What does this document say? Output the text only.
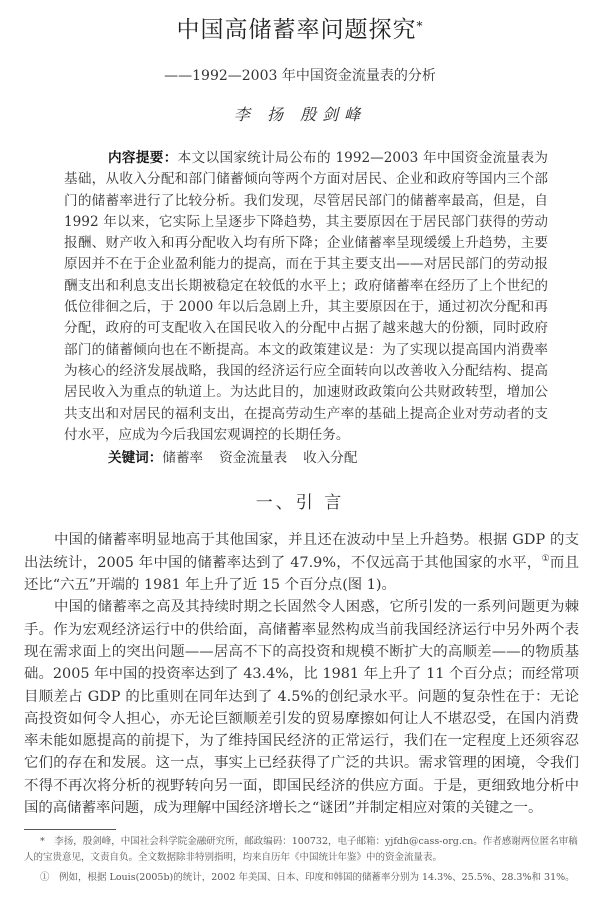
中国高储蓄率问题探究*
——1992—2003 年中国资金流量表的分析
李 扬 殷剑峰
内容提要：本文以国家统计局公布的 1992—2003 年中国资金流量表为基础，从收入分配和部门储蓄倾向等两个方面对居民、企业和政府等国内三个部门的储蓄率进行了比较分析。我们发现，尽管居民部门的储蓄率最高，但是，自 1992 年以来，它实际上呈逐步下降趋势，其主要原因在于居民部门获得的劳动报酬、财产收入和再分配收入均有所下降；企业储蓄率呈现缓缓上升趋势，主要原因并不在于企业盈利能力的提高，而在于其主要支出——对居民部门的劳动报酬支出和利息支出长期被稳定在较低的水平上；政府储蓄率在经历了上个世纪的低位徘徊之后，于 2000 年以后急剧上升，其主要原因在于，通过初次分配和再分配，政府的可支配收入在国民收入的分配中占据了越来越大的份额，同时政府部门的储蓄倾向也在不断提高。本文的政策建议是：为了实现以提高国内消费率为核心的经济发展战略，我国的经济运行应全面转向以改善收入分配结构、提高居民收入为重点的轨道上。为达此目的，加速财政政策向公共财政转型，增加公共支出和对居民的福利支出，在提高劳动生产率的基础上提高企业对劳动者的支付水平，应成为今后我国宏观调控的长期任务。
关键词：储蓄率 资金流量表 收入分配
一、引 言

中国的储蓄率明显地高于其他国家，并且还在波动中呈上升趋势。根据 GDP 的支出法统计，2005 年中国的储蓄率达到了 47.9%，不仅远高于其他国家的水平，①而且还比“六五”开端的 1981 年上升了近 15 个百分点(图 1)。

中国的储蓄率之高及其持续时期之长固然令人困惑，它所引发的一系列问题更为棘手。作为宏观经济运行中的供给面，高储蓄率显然构成当前我国经济运行中另外两个表现在需求面上的突出问题——居高不下的高投资和规模不断扩大的高顺差——的物质基础。2005 年中国的投资率达到了 43.4%，比 1981 年上升了 11 个百分点；而经常项目顺差占 GDP 的比重则在同年达到了 4.5%的创纪录水平。问题的复杂性在于：无论高投资如何令人担心，亦无论巨额顺差引发的贸易摩擦如何让人不堪忍受，在国内消费率未能如愿提高的前提下，为了维持国民经济的正常运行，我们在一定程度上还须容忍它们的存在和发展。这一点，事实上已经获得了广泛的共识。需求管理的困境，令我们不得不再次将分析的视野转向另一面，即国民经济的供应方面。于是，更细致地分析中国的高储蓄率问题，成为理解中国经济增长之“谜团”并制定相应对策的关键之一。

*　李扬，殷剑峰，中国社会科学院金融研究所，邮政编码：100732，电子邮箱：yjfdh@cass-org.cn。作者感谢两位匿名审稿人的宝贵意见，文责自负。全文数据除非特别指明，均来自历年《中国统计年鉴》中的资金流量表。
①　例如，根据 Louis(2005b)的统计，2002 年美国、日本、印度和韩国的储蓄率分别为 14.3%、25.5%、28.3%和 31%。
